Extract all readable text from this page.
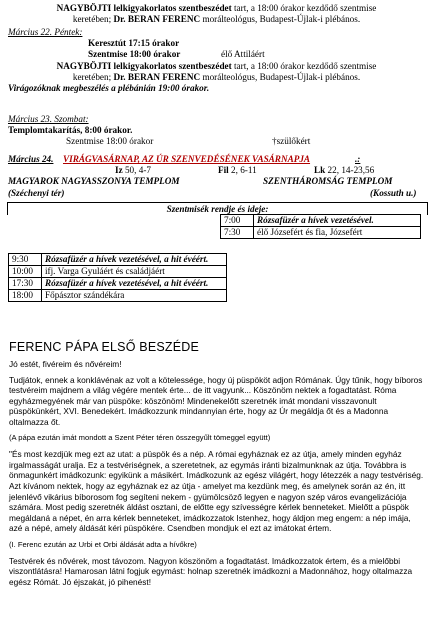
NAGYBÖJTI lelkigyakorlatos szentbeszédet tart, a 18:00 órakor kezdődő szentmise
keretében; Dr. BERAN FERENC morálteológus, Budapest-Újlak-i plébános.
Március 22. Péntek:
Keresztút 17:15 órakor
Szentmise 18:00 órakor	élő Attiláért
NAGYBÖJTI lelkigyakorlatos szentbeszédet tart, a 18:00 órakor kezdődő szentmise
keretében; Dr. BERAN FERENC morálteológus, Budapest-Újlak-i plébános.
Virágozóknak megbeszélés a plébánián 19:00 órakor.
Március 23. Szombat:
Templomtakarítás, 8:00 órakor.
Szentmise 18:00 órakor	†szülőkért
Március 24. VIRÁGVASÁRNAP, AZ ÚR SZENVEDÉSÉNEK VASÁRNAPJA	.:
Iz 50, 4-7	Fil 2, 6-11	Lk 22, 14-23,56
MAGYAROK NAGYASSZONYA TEMPLOM	SZENTHÁROMSÁG TEMPLOM
(Széchenyi tér)	(Kossuth u.)
Szentmisék rendje és ideje:
7:00	Rózsafüzér a hívek vezetésével.
7:30	élő Józsefért és fia, Józsefért
9:30	Rózsafüzér a hívek vezetésével, a hit évéért.
10:00	ifj. Varga Gyuláért és családjáért
17:30	Rózsafüzér a hívek vezetésével, a hit évéért.
18:00	Főpásztor szándékára
FERENC PÁPA ELSŐ BESZÉDE

Jó estét, fivéreim és nővéreim!

Tudjátok, ennek a konklávénak az volt a kötelessége, hogy új püspököt adjon Rómának. Úgy tűnik, hogy bíboros testvéreim majdnem a világ végére mentek érte... de itt vagyunk... Köszönöm nektek a fogadtatást. Róma egyházmegyének már van püspöke: köszönöm! Mindenekelőtt szeretnék imát mondani visszavonult püspökünkért, XVI. Benedekért. Imádkozzunk mindannyian érte, hogy az Úr megáldja őt és a Madonna oltalmazza őt.

(A pápa ezután imát mondott a Szent Péter téren összegyűlt tömeggel együtt)

"És most kezdjük meg ezt az utat: a püspök és a nép. A római egyháznak ez az útja, amely minden egyház irgalmasságát uralja. Ez a testvériségnek, a szeretetnek, az egymás iránti bizalmunknak az útja. Továbbra is önmagunkért imádkozunk: egyikünk a másikért. Imádkozunk az egész világért, hogy létezzék a nagy testvériség. Azt kívánom nektek, hogy az egyháznak ez az útja - amelyet ma kezdünk meg, és amelynek során az én, itt jelenlévő vikárius bíborosom fog segíteni nekem - gyümölcsöző legyen e nagyon szép város evangelizációja számára. Most pedig szeretnék áldást osztani, de előtte egy szívességre kérlek benneteket. Mielőtt a püspök megáldaná a népet, én arra kérlek benneteket, imádkozzatok Istenhez, hogy áldjon meg engem: a nép imája, azé a népé, amely áldását kéri püspökére. Csendben mondjuk el ezt az imátokat értem.

(I. Ferenc ezután az Urbi et Orbi áldását adta a hívőkre)

Testvérek és nővérek, most távozom. Nagyon köszönöm a fogadtatást. Imádkozzatok értem, és a mielőbbi viszontlátásra! Hamarosan látni fogjuk egymást: holnap szeretnék imádkozni a Madonnához, hogy oltalmazza egész Rómát. Jó éjszakát, jó pihenést!
